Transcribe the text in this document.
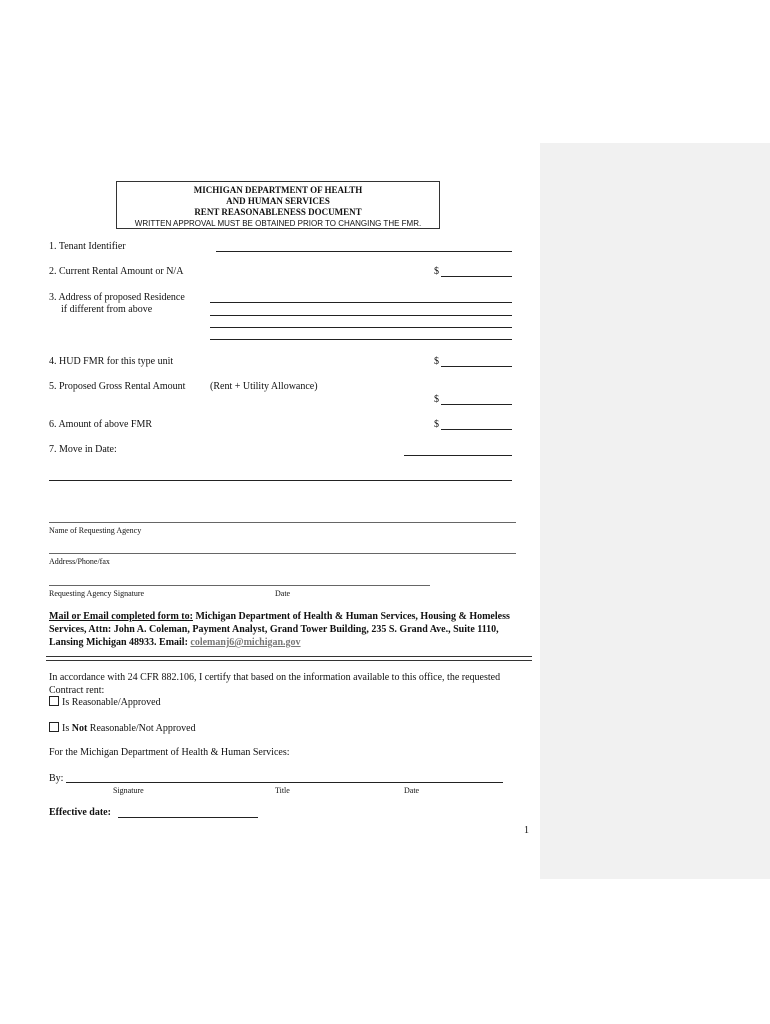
MICHIGAN DEPARTMENT OF HEALTH
AND HUMAN SERVICES
RENT REASONABLENESS DOCUMENT
WRITTEN APPROVAL MUST BE OBTAINED PRIOR TO CHANGING THE FMR.
1. Tenant Identifier
2. Current Rental Amount or N/A	$
3. Address of proposed Residence
if different from above
4. HUD FMR for this type unit	$
5. Proposed Gross Rental Amount (Rent + Utility Allowance)
$
6. Amount of above FMR	$
7. Move in Date:
Name of Requesting Agency
Address/Phone/fax
Requesting Agency Signature	Date
Mail or Email completed form to: Michigan Department of Health & Human Services, Housing & Homeless Services, Attn: John A. Coleman, Payment Analyst, Grand Tower Building, 235 S. Grand Ave., Suite 1110, Lansing Michigan 48933. Email: colemanj6@michigan.gov
In accordance with 24 CFR 882.106, I certify that based on the information available to this office, the requested Contract rent:
Is Reasonable/Approved
Is Not Reasonable/Not Approved
For the Michigan Department of Health & Human Services:
By:
Signature	Title	Date
Effective date:
1
